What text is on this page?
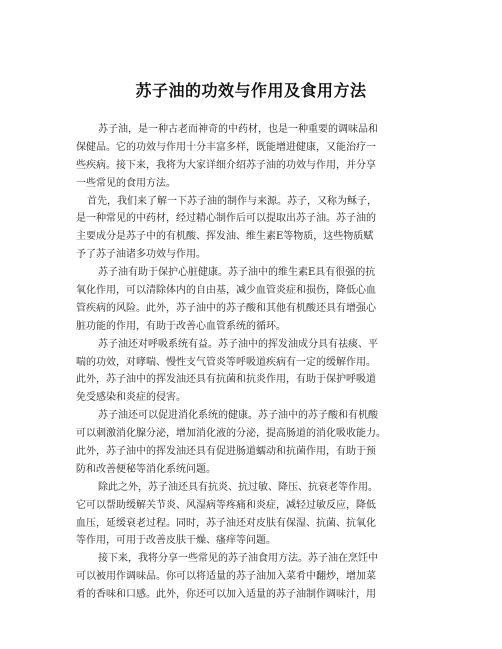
苏子油的功效与作用及食用方法
苏子油，是一种古老而神奇的中药材，也是一种重要的调味品和
保健品。它的功效与作用十分丰富多样，既能增进健康，又能治疗一
些疾病。接下来，我将为大家详细介绍苏子油的功效与作用，并分享
一些常见的食用方法。
首先，我们来了解一下苏子油的制作与来源。苏子，又称为稣子，
是一种常见的中药材，经过精心制作后可以提取出苏子油。苏子油的
主要成分是苏子中的有机酸、挥发油、维生素E等物质，这些物质赋
予了苏子油诸多功效与作用。
苏子油有助于保护心脏健康。苏子油中的维生素E具有很强的抗
氧化作用，可以清除体内的自由基，减少血管炎症和损伤，降低心血
管疾病的风险。此外，苏子油中的苏子酸和其他有机酸还具有增强心
脏功能的作用，有助于改善心血管系统的循环。
苏子油还对呼吸系统有益。苏子油中的挥发油成分具有祛痰、平
喘的功效，对哮喘、慢性支气管炎等呼吸道疾病有一定的缓解作用。
此外，苏子油中的挥发油还具有抗菌和抗炎作用，有助于保护呼吸道
免受感染和炎症的侵害。
苏子油还可以促进消化系统的健康。苏子油中的苏子酸和有机酸
可以刺激消化腺分泌，增加消化液的分泌，提高肠道的消化吸收能力。
此外，苏子油中的挥发油还具有促进肠道蠕动和抗菌作用，有助于预
防和改善便秘等消化系统问题。
除此之外，苏子油还具有抗炎、抗过敏、降压、抗衰老等作用。
它可以帮助缓解关节炎、风湿病等疼痛和炎症，减轻过敏反应，降低
血压，延缓衰老过程。同时，苏子油还对皮肤有保湿、抗菌、抗氧化
等作用，可用于改善皮肤干燥、瘙痒等问题。
接下来，我将分享一些常见的苏子油食用方法。苏子油在烹饪中
可以被用作调味品。你可以将适量的苏子油加入菜肴中翻炒，增加菜
肴的香味和口感。此外，你还可以加入适量的苏子油制作调味汁，用
